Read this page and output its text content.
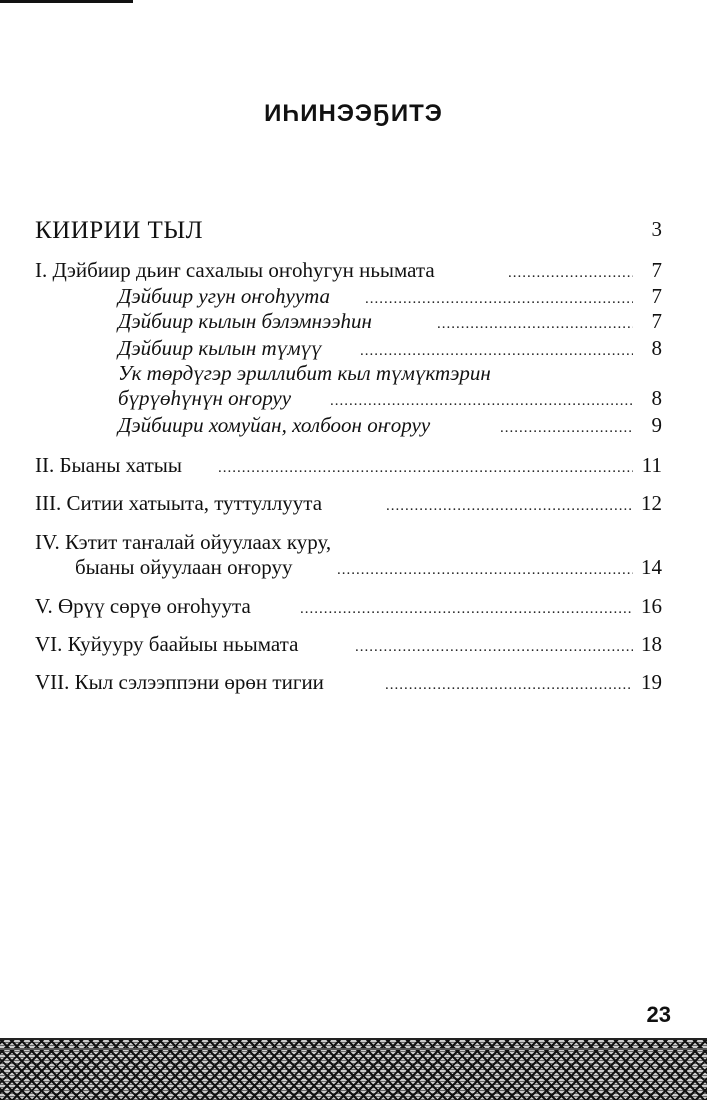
ИҺИНЭЭҔИТЭ
КИИРИИ ТЫЛ	3
I. Дэйбиир дьиҥ сахалыы оҥоһугун ньымата .....	7
Дэйбиир угун оҥоһуута .....	7
Дэйбиир кылын бэлэмнээһин .....	7
Дэйбиир кылын түмүү .....	8
Ук төрдүгэр эриллибит кыл түмүктэрин
бүрүөһүнүн оҥоруу .....	8
Дэйбиири хомуйан, холбоон оҥоруу .....	9
II. Быаны хатыы .....	11
III. Ситии хатыыта, туттуллуута .....	12
IV. Кэтит таҥалай ойуулаах куру,
быаны ойуулаан оҥоруу .....	14
V. Өрүү сөрүө оҥоһуута .....	16
VI. Куйууру баайыы ньымата .....	18
VII. Кыл сэлээппэни өрөн тигии .....	19
23
